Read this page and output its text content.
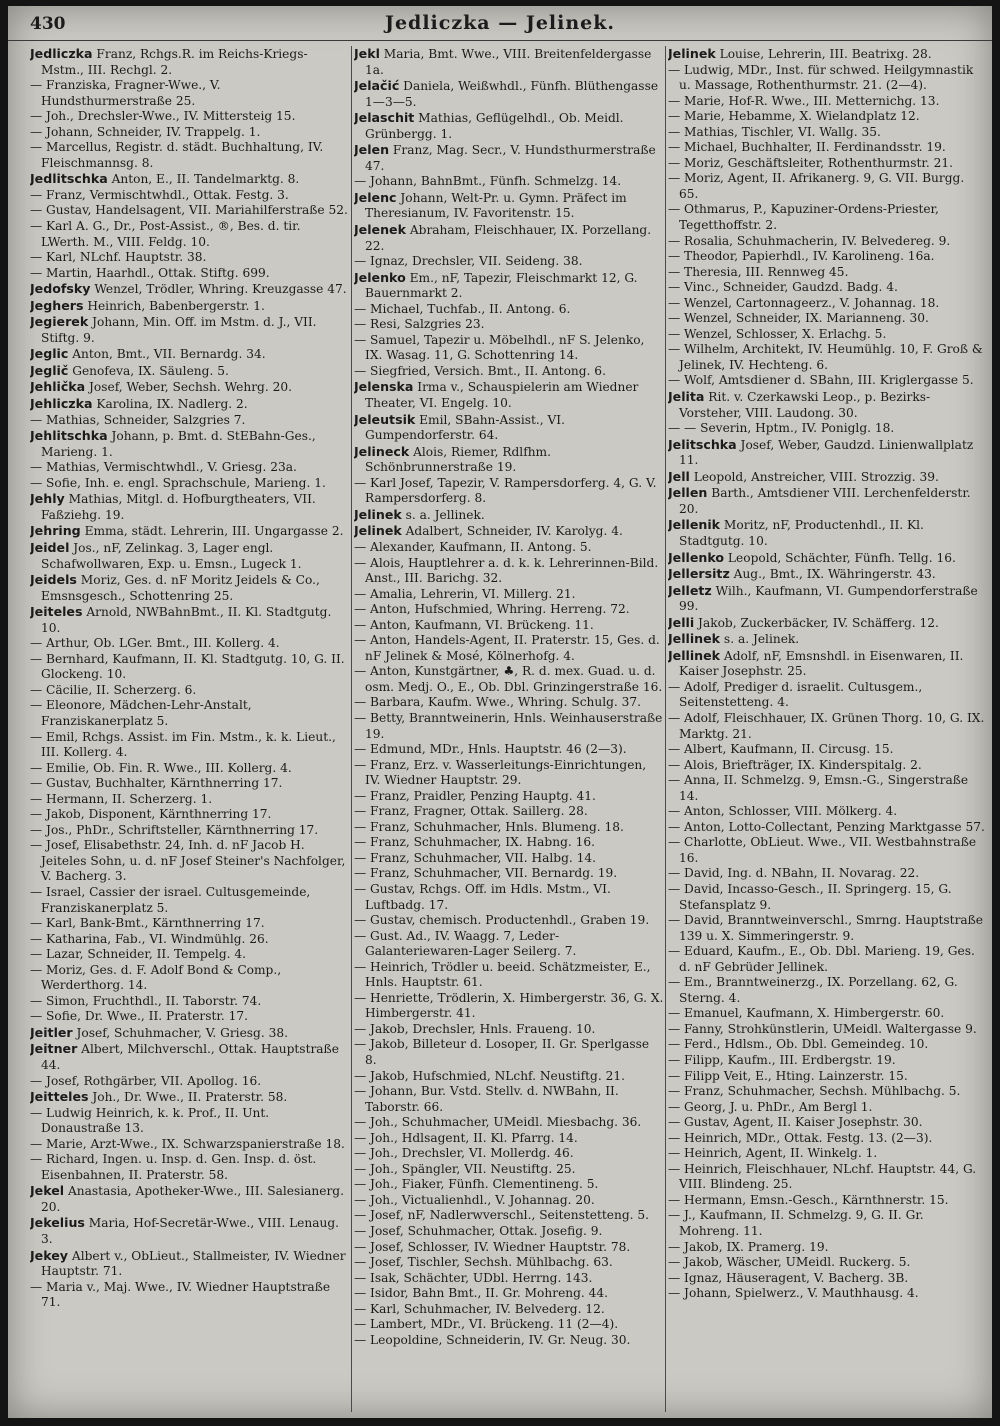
430	Jedliczka — Jelinek.

Jedliczka Franz, Rchgs.R. im Reichs-Kriegs-Mstm., III. Rechgl. 2.

— Franziska, Fragner-Wwe., V. Hundsthurmerstraße 25.

— Joh., Drechsler-Wwe., IV. Mittersteig 15.

— Johann, Schneider, IV. Trappelg. 1.

— Marcellus, Registr. d. städt. Buchhaltung, IV. Fleischmannsg. 8.

Jedlitschka Anton, E., II. Tandelmarktg. 8.

— Franz, Vermischtwhdl., Ottak. Festg. 3.

— Gustav, Handelsagent, VII. Mariahilferstraße 52.

— Karl A. G., Dr., Post-Assist., ®, Bes. d. tir. LWerth. M., VIII. Feldg. 10.

— Karl, NLchf. Hauptstr. 38.

— Martin, Haarhdl., Ottak. Stiftg. 699.

Jedofsky Wenzel, Trödler, Whring. Kreuzgasse 47.

Jeghers Heinrich, Babenbergerstr. 1.

Jegierek Johann, Min. Off. im Mstm. d. J., VII. Stiftg. 9.

Jeglic Anton, Bmt., VII. Bernardg. 34.

Jeglič Genofeva, IX. Säuleng. 5.

Jehlička Josef, Weber, Sechsh. Wehrg. 20.

Jehliczka Karolina, IX. Nadlerg. 2.

— Mathias, Schneider, Salzgries 7.

Jehlitschka Johann, p. Bmt. d. StEBahn-Ges., Marieng. 1.

— Mathias, Vermischtwhdl., V. Griesg. 23a.

— Sofie, Inh. e. engl. Sprachschule, Marieng. 1.

Jehly Mathias, Mitgl. d. Hofburgtheaters, VII. Faßziehg. 19.

Jehring Emma, städt. Lehrerin, III. Ungargasse 2.

Jeidel Jos., nF, Zelinkag. 3, Lager engl. Schafwollwaren, Exp. u. Emsn., Lugeck 1.

Jeidels Moriz, Ges. d. nF Moritz Jeidels & Co., Emsnsgesch., Schottenring 25.

Jeiteles Arnold, NWBahnBmt., II. Kl. Stadtgutg. 10.

— Arthur, Ob. LGer. Bmt., III. Kollerg. 4.

— Bernhard, Kaufmann, II. Kl. Stadtgutg. 10, G. II. Glockeng. 10.

— Cäcilie, II. Scherzerg. 6.

— Eleonore, Mädchen-Lehr-Anstalt, Franziskanerplatz 5.

— Emil, Rchgs. Assist. im Fin. Mstm., k. k. Lieut., III. Kollerg. 4.

— Emilie, Ob. Fin. R. Wwe., III. Kollerg. 4.

— Gustav, Buchhalter, Kärnthnerring 17.

— Hermann, II. Scherzerg. 1.

— Jakob, Disponent, Kärnthnerring 17.

— Jos., PhDr., Schriftsteller, Kärnthnerring 17.

— Josef, Elisabethstr. 24, Inh. d. nF Jacob H. Jeiteles Sohn, u. d. nF Josef Steiner's Nachfolger, V. Bacherg. 3.

— Israel, Cassier der israel. Cultusgemeinde, Franziskanerplatz 5.

— Karl, Bank-Bmt., Kärnthnerring 17.

— Katharina, Fab., VI. Windmühlg. 26.

— Lazar, Schneider, II. Tempelg. 4.

— Moriz, Ges. d. F. Adolf Bond & Comp., Werderthorg. 14.

— Simon, Fruchthdl., II. Taborstr. 74.

— Sofie, Dr. Wwe., II. Praterstr. 17.

Jeitler Josef, Schuhmacher, V. Griesg. 38.

Jeitner Albert, Milchverschl., Ottak. Hauptstraße 44.

— Josef, Rothgärber, VII. Apollog. 16.

Jeitteles Joh., Dr. Wwe., II. Praterstr. 58.

— Ludwig Heinrich, k. k. Prof., II. Unt. Donaustraße 13.

— Marie, Arzt-Wwe., IX. Schwarzspanierstraße 18.

— Richard, Ingen. u. Insp. d. Gen. Insp. d. öst. Eisenbahnen, II. Praterstr. 58.

Jekel Anastasia, Apotheker-Wwe., III. Salesianerg. 20.

Jekelius Maria, Hof-Secretär-Wwe., VIII. Lenaug. 3.

Jekey Albert v., ObLieut., Stallmeister, IV. Wiedner Hauptstr. 71.

— Maria v., Maj. Wwe., IV. Wiedner Hauptstraße 71.

Jekl Maria, Bmt. Wwe., VIII. Breitenfeldergasse 1a.

Jelačić Daniela, Weißwhdl., Fünfh. Blüthengasse 1—3—5.

Jelaschit Mathias, Geflügelhdl., Ob. Meidl. Grünbergg. 1.

Jelen Franz, Mag. Secr., V. Hundsthurmerstraße 47.

— Johann, BahnBmt., Fünfh. Schmelzg. 14.

Jelenc Johann, Welt-Pr. u. Gymn. Präfect im Theresianum, IV. Favoritenstr. 15.

Jelenek Abraham, Fleischhauer, IX. Porzellang. 22.

— Ignaz, Drechsler, VII. Seideng. 38.

Jelenko Em., nF, Tapezir, Fleischmarkt 12, G. Bauernmarkt 2.

— Michael, Tuchfab., II. Antong. 6.

— Resi, Salzgries 23.

— Samuel, Tapezir u. Möbelhdl., nF S. Jelenko, IX. Wasag. 11, G. Schottenring 14.

— Siegfried, Versich. Bmt., II. Antong. 6.

Jelenska Irma v., Schauspielerin am Wiedner Theater, VI. Engelg. 10.

Jeleutsik Emil, SBahn-Assist., VI. Gumpendorferstr. 64.

Jelineck Alois, Riemer, Rdlfhm. Schönbrunnerstraße 19.

— Karl Josef, Tapezir, V. Rampersdorferg. 4, G. V. Rampersdorferg. 8.

Jelinek s. a. Jellinek.

Jelinek Adalbert, Schneider, IV. Karolyg. 4.

— Alexander, Kaufmann, II. Antong. 5.

— Alois, Hauptlehrer a. d. k. k. Lehrerinnen-Bild. Anst., III. Barichg. 32.

— Amalia, Lehrerin, VI. Millerg. 21.

— Anton, Hufschmied, Whring. Herreng. 72.

— Anton, Kaufmann, VI. Brückeng. 11.

— Anton, Handels-Agent, II. Praterstr. 15, Ges. d. nF Jelinek & Mosé, Kölnerhofg. 4.

— Anton, Kunstgärtner, ♣, R. d. mex. Guad. u. d. osm. Medj. O., E., Ob. Dbl. Grinzingerstraße 16.

— Barbara, Kaufm. Wwe., Whring. Schulg. 37.

— Betty, Branntweinerin, Hnls. Weinhauserstraße 19.

— Edmund, MDr., Hnls. Hauptstr. 46 (2—3).

— Franz, Erz. v. Wasserleitungs-Einrichtungen, IV. Wiedner Hauptstr. 29.

— Franz, Praidler, Penzing Hauptg. 41.

— Franz, Fragner, Ottak. Saillerg. 28.

— Franz, Schuhmacher, Hnls. Blumeng. 18.

— Franz, Schuhmacher, IX. Habng. 16.

— Franz, Schuhmacher, VII. Halbg. 14.

— Franz, Schuhmacher, VII. Bernardg. 19.

— Gustav, Rchgs. Off. im Hdls. Mstm., VI. Luftbadg. 17.

— Gustav, chemisch. Productenhdl., Graben 19.

— Gust. Ad., IV. Waagg. 7, Leder-Galanteriewaren-Lager Seilerg. 7.

— Heinrich, Trödler u. beeid. Schätzmeister, E., Hnls. Hauptstr. 61.

— Henriette, Trödlerin, X. Himbergerstr. 36, G. X. Himbergerstr. 41.

— Jakob, Drechsler, Hnls. Fraueng. 10.

— Jakob, Billeteur d. Losoper, II. Gr. Sperlgasse 8.

— Jakob, Hufschmied, NLchf. Neustiftg. 21.

— Johann, Bur. Vstd. Stellv. d. NWBahn, II. Taborstr. 66.

— Joh., Schuhmacher, UMeidl. Miesbachg. 36.

— Joh., Hdlsagent, II. Kl. Pfarrg. 14.

— Joh., Drechsler, VI. Mollerdg. 46.

— Joh., Spängler, VII. Neustiftg. 25.

— Joh., Fiaker, Fünfh. Clementineng. 5.

— Joh., Victualienhdl., V. Johannag. 20.

— Josef, nF, Nadlerwverschl., Seitenstetteng. 5.

— Josef, Schuhmacher, Ottak. Josefig. 9.

— Josef, Schlosser, IV. Wiedner Hauptstr. 78.

— Josef, Tischler, Sechsh. Mühlbachg. 63.

— Isak, Schächter, UDbl. Herrng. 143.

— Isidor, Bahn Bmt., II. Gr. Mohreng. 44.

— Karl, Schuhmacher, IV. Belvederg. 12.

— Lambert, MDr., VI. Brückeng. 11 (2—4).

— Leopoldine, Schneiderin, IV. Gr. Neug. 30.

Jelinek Louise, Lehrerin, III. Beatrixg. 28.

— Ludwig, MDr., Inst. für schwed. Heilgymnastik u. Massage, Rothenthurmstr. 21. (2—4).

— Marie, Hof-R. Wwe., III. Metternichg. 13.

— Marie, Hebamme, X. Wielandplatz 12.

— Mathias, Tischler, VI. Wallg. 35.

— Michael, Buchhalter, II. Ferdinandsstr. 19.

— Moriz, Geschäftsleiter, Rothenthurmstr. 21.

— Moriz, Agent, II. Afrikanerg. 9, G. VII. Burgg. 65.

— Othmarus, P., Kapuziner-Ordens-Priester, Tegetthoffstr. 2.

— Rosalia, Schuhmacherin, IV. Belvedereg. 9.

— Theodor, Papierhdl., IV. Karolineng. 16a.

— Theresia, III. Rennweg 45.

— Vinc., Schneider, Gaudzd. Badg. 4.

— Wenzel, Cartonnageerz., V. Johannag. 18.

— Wenzel, Schneider, IX. Marianneng. 30.

— Wenzel, Schlosser, X. Erlachg. 5.

— Wilhelm, Architekt, IV. Heumühlg. 10, F. Groß & Jelinek, IV. Hechteng. 6.

— Wolf, Amtsdiener d. SBahn, III. Kriglergasse 5.

Jelita Rit. v. Czerkawski Leop., p. Bezirks-Vorsteher, VIII. Laudong. 30.

— — Severin, Hptm., IV. Poniglg. 18.

Jelitschka Josef, Weber, Gaudzd. Linienwallplatz 11.

Jell Leopold, Anstreicher, VIII. Strozzig. 39.

Jellen Barth., Amtsdiener VIII. Lerchenfelderstr. 20.

Jellenik Moritz, nF, Productenhdl., II. Kl. Stadtgutg. 10.

Jellenko Leopold, Schächter, Fünfh. Tellg. 16.

Jellersitz Aug., Bmt., IX. Währingerstr. 43.

Jelletz Wilh., Kaufmann, VI. Gumpendorferstraße 99.

Jelli Jakob, Zuckerbäcker, IV. Schäfferg. 12.

Jellinek s. a. Jelinek.

Jellinek Adolf, nF, Emsnshdl. in Eisenwaren, II. Kaiser Josephstr. 25.

— Adolf, Prediger d. israelit. Cultusgem., Seitenstetteng. 4.

— Adolf, Fleischhauer, IX. Grünen Thorg. 10, G. IX. Marktg. 21.

— Albert, Kaufmann, II. Circusg. 15.

— Alois, Briefträger, IX. Kinderspitalg. 2.

— Anna, II. Schmelzg. 9, Emsn.-G., Singerstraße 14.

— Anton, Schlosser, VIII. Mölkerg. 4.

— Anton, Lotto-Collectant, Penzing Marktgasse 57.

— Charlotte, ObLieut. Wwe., VII. Westbahnstraße 16.

— David, Ing. d. NBahn, II. Novarag. 22.

— David, Incasso-Gesch., II. Springerg. 15, G. Stefansplatz 9.

— David, Branntweinverschl., Smrng. Hauptstraße 139 u. X. Simmeringerstr. 9.

— Eduard, Kaufm., E., Ob. Dbl. Marieng. 19, Ges. d. nF Gebrüder Jellinek.

— Em., Branntweinerzg., IX. Porzellang. 62, G. Sterng. 4.

— Emanuel, Kaufmann, X. Himbergerstr. 60.

— Fanny, Strohkünstlerin, UMeidl. Waltergasse 9.

— Ferd., Hdlsm., Ob. Dbl. Gemeindeg. 10.

— Filipp, Kaufm., III. Erdbergstr. 19.

— Filipp Veit, E., Hting. Lainzerstr. 15.

— Franz, Schuhmacher, Sechsh. Mühlbachg. 5.

— Georg, J. u. PhDr., Am Bergl 1.

— Gustav, Agent, II. Kaiser Josephstr. 30.

— Heinrich, MDr., Ottak. Festg. 13. (2—3).

— Heinrich, Agent, II. Winkelg. 1.

— Heinrich, Fleischhauer, NLchf. Hauptstr. 44, G. VIII. Blindeng. 25.

— Hermann, Emsn.-Gesch., Kärnthnerstr. 15.

— J., Kaufmann, II. Schmelzg. 9, G. II. Gr. Mohreng. 11.

— Jakob, IX. Pramerg. 19.

— Jakob, Wäscher, UMeidl. Ruckerg. 5.

— Ignaz, Häuseragent, V. Bacherg. 3B.

— Johann, Spielwerz., V. Mauthhausg. 4.
